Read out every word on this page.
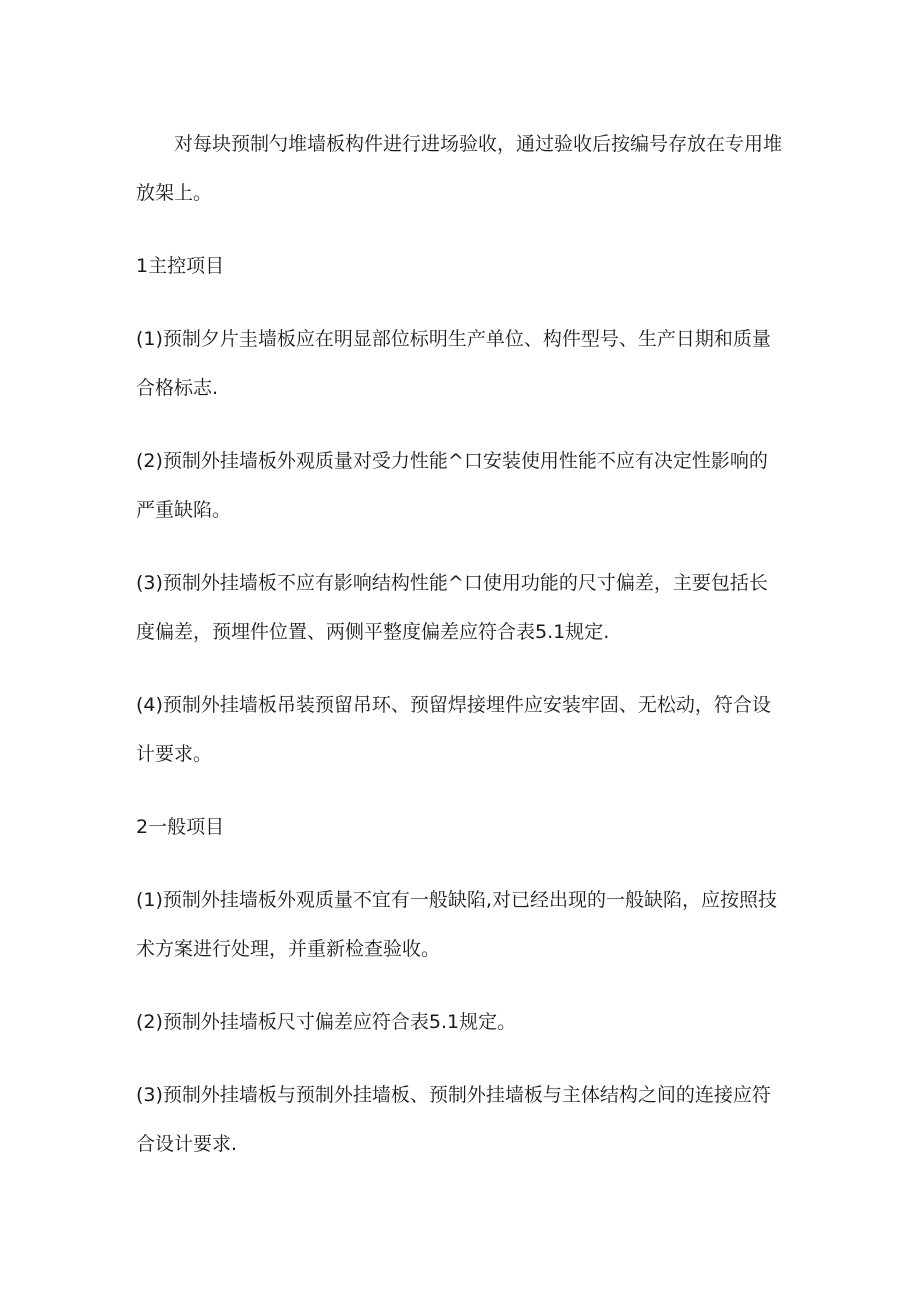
对每块预制勺堆墙板构件进行进场验收，通过验收后按编号存放在专用堆放架上。

1主控项目

(1)预制夕片圭墙板应在明显部位标明生产单位、构件型号、生产日期和质量合格标志.

(2)预制外挂墙板外观质量对受力性能^口安装使用性能不应有决定性影响的严重缺陷。

(3)预制外挂墙板不应有影响结构性能^口使用功能的尺寸偏差，主要包括长度偏差，预埋件位置、两侧平整度偏差应符合表5.1规定.

(4)预制外挂墙板吊装预留吊环、预留焊接埋件应安装牢固、无松动，符合设计要求。

2一般项目

(1)预制外挂墙板外观质量不宜有一般缺陷,对已经出现的一般缺陷，应按照技术方案进行处理，并重新检查验收。

(2)预制外挂墙板尺寸偏差应符合表5.1规定。

(3)预制外挂墙板与预制外挂墙板、预制外挂墙板与主体结构之间的连接应符合设计要求.
